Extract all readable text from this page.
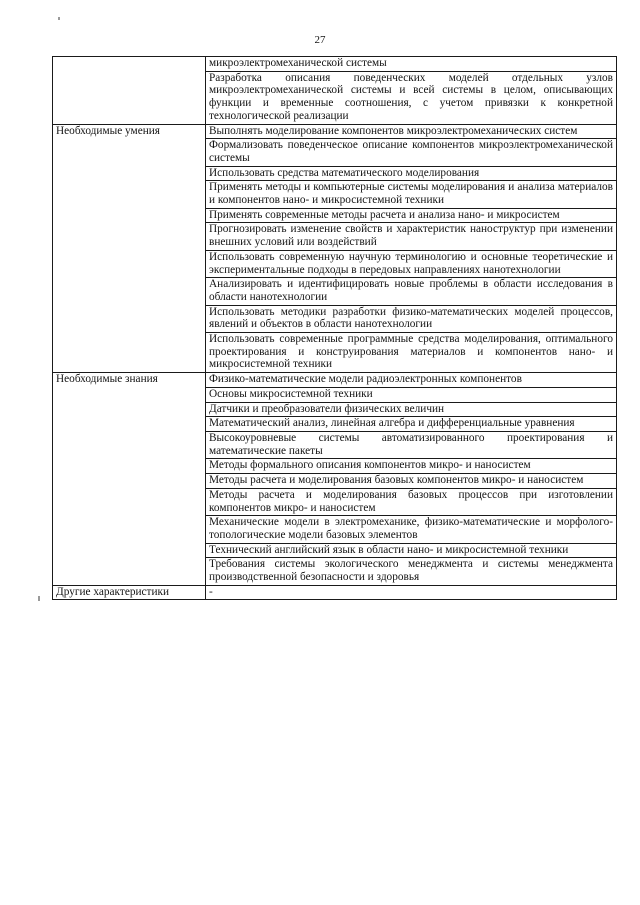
27
	микроэлектромеханической системы
	Разработка описания поведенческих моделей отдельных узлов микроэлектромеханической системы и всей системы в целом, описывающих функции и временные соотношения, с учетом привязки к конкретной технологической реализации
Необходимые умения	Выполнять моделирование компонентов микроэлектромеханических систем
	Формализовать поведенческое описание компонентов микроэлектромеханической системы
	Использовать средства математического моделирования
	Применять методы и компьютерные системы моделирования и анализа материалов и компонентов нано- и микросистемной техники
	Применять современные методы расчета и анализа нано- и микросистем
	Прогнозировать изменение свойств и характеристик наноструктур при изменении внешних условий или воздействий
	Использовать современную научную терминологию и основные теоретические и экспериментальные подходы в передовых направлениях нанотехнологии
	Анализировать и идентифицировать новые проблемы в области исследования в области нанотехнологии
	Использовать методики разработки физико-математических моделей процессов, явлений и объектов в области нанотехнологии
	Использовать современные программные средства моделирования, оптимального проектирования и конструирования материалов и компонентов нано- и микросистемной техники
Необходимые знания	Физико-математические модели радиоэлектронных компонентов
	Основы микросистемной техники
	Датчики и преобразователи физических величин
	Математический анализ, линейная алгебра и дифференциальные уравнения
	Высокоуровневые системы автоматизированного проектирования и математические пакеты
	Методы формального описания компонентов микро- и наносистем
	Методы расчета и моделирования базовых компонентов микро- и наносистем
	Методы расчета и моделирования базовых процессов при изготовлении компонентов микро- и наносистем
	Механические модели в электромеханике, физико-математические и морфолого-топологические модели базовых элементов
	Технический английский язык в области нано- и микросистемной техники
	Требования системы экологического менеджмента и системы менеджмента производственной безопасности и здоровья
Другие характеристики	-
